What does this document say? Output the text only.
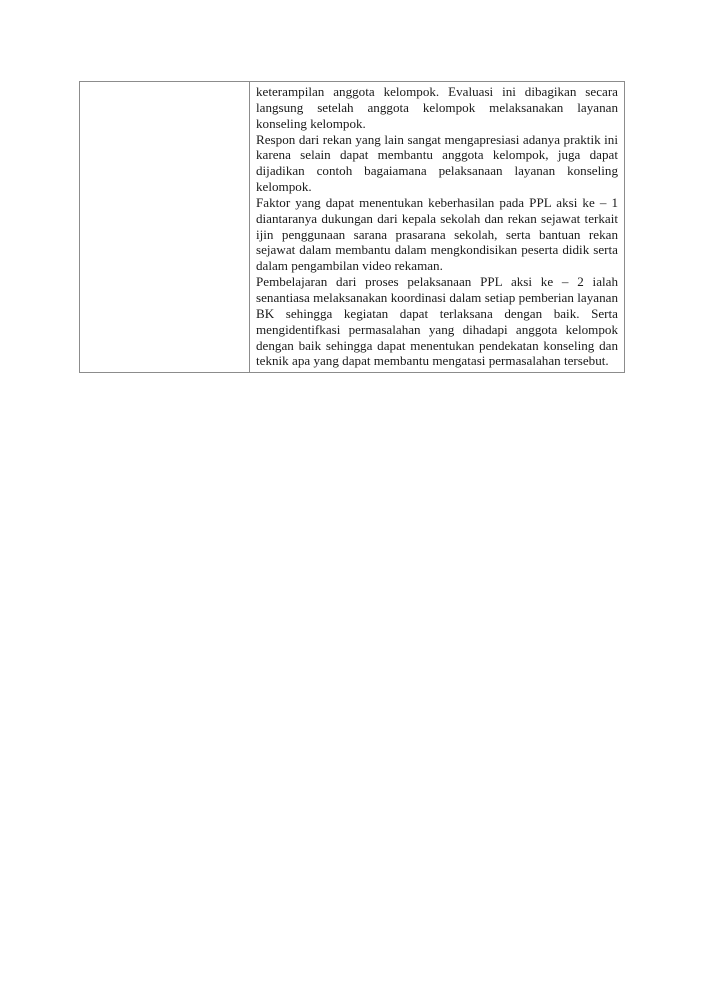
keterampilan anggota kelompok. Evaluasi ini dibagikan secara langsung setelah anggota kelompok melaksanakan layanan konseling kelompok.

Respon dari rekan yang lain sangat mengapresiasi adanya praktik ini karena selain dapat membantu anggota kelompok, juga dapat dijadikan contoh bagaiamana pelaksanaan layanan konseling kelompok.

Faktor yang dapat menentukan keberhasilan pada PPL aksi ke – 1 diantaranya dukungan dari kepala sekolah dan rekan sejawat terkait ijin penggunaan sarana prasarana sekolah, serta bantuan rekan sejawat dalam membantu dalam mengkondisikan peserta didik serta dalam pengambilan video rekaman.

Pembelajaran dari proses pelaksanaan PPL aksi ke – 2 ialah senantiasa melaksanakan koordinasi dalam setiap pemberian layanan BK sehingga kegiatan dapat terlaksana dengan baik. Serta mengidentifkasi permasalahan yang dihadapi anggota kelompok dengan baik sehingga dapat menentukan pendekatan konseling dan teknik apa yang dapat membantu mengatasi permasalahan tersebut.
